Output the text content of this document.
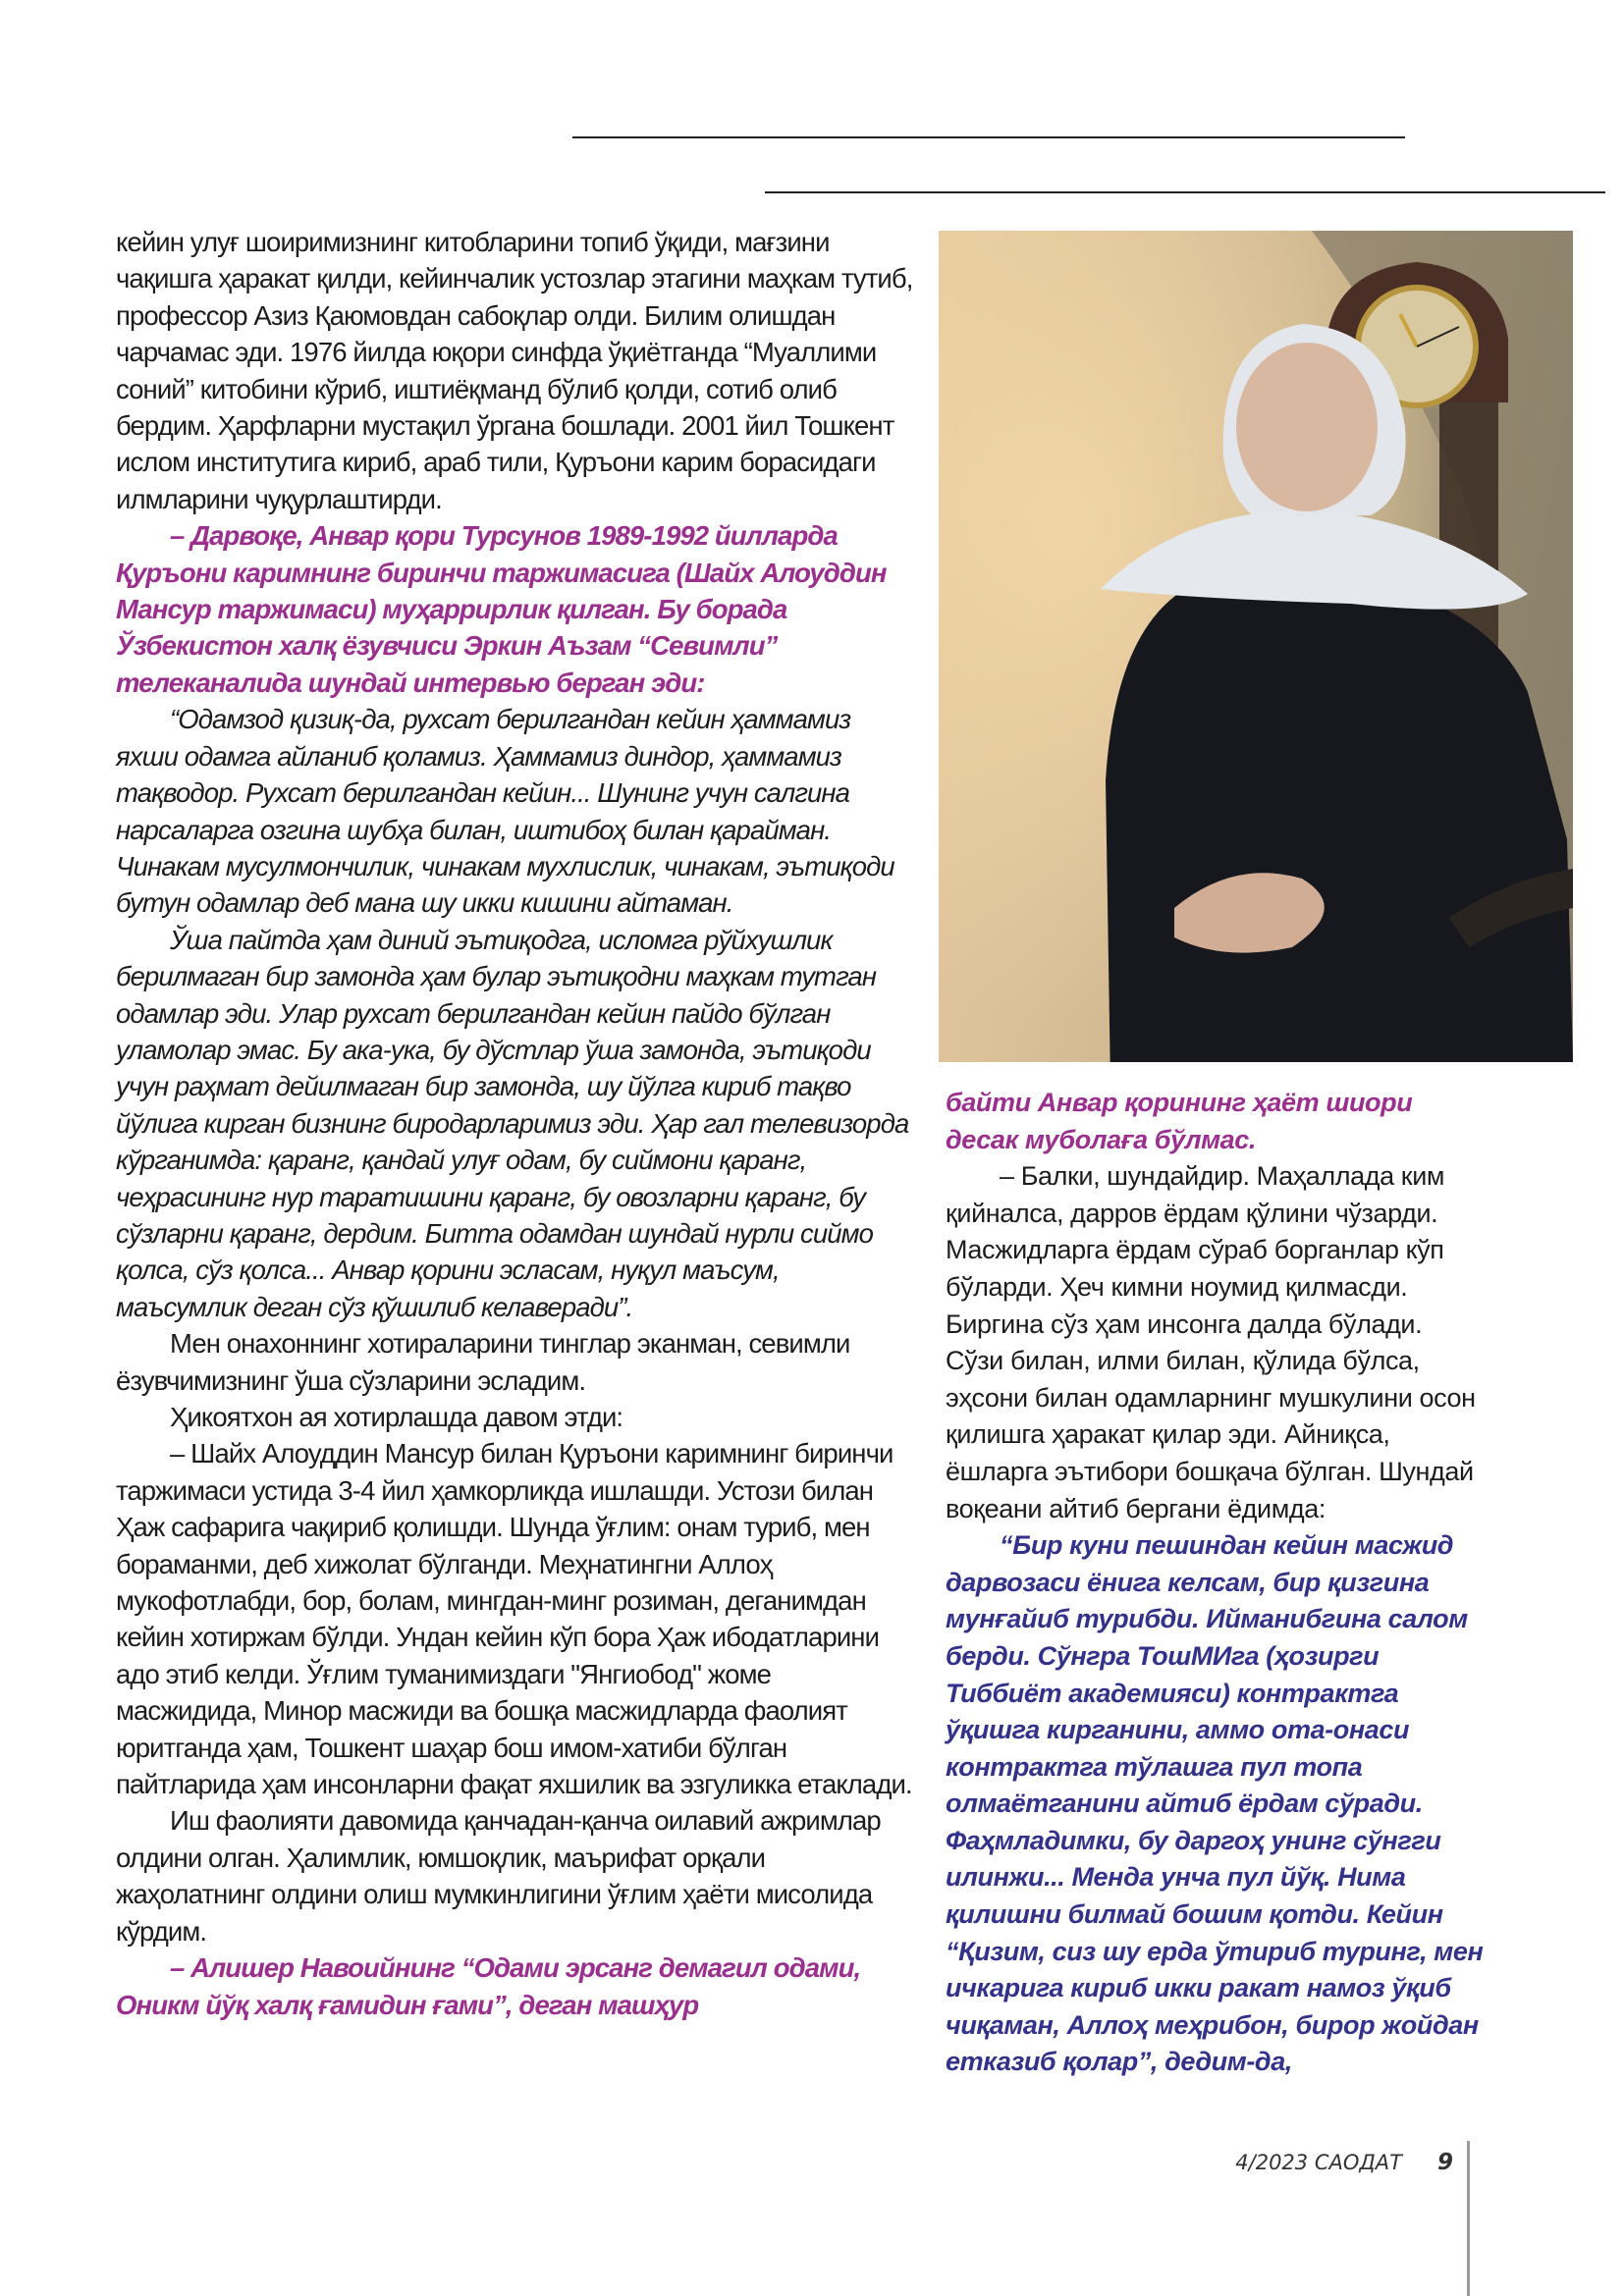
кейин улуғ шоиримизнинг китобларини топиб ўқиди, мағзини чақишга ҳаракат қилди, кейинчалик устозлар этагини маҳкам тутиб, профессор Азиз Қаюмовдан сабоқлар олди. Билим олишдан чарчамас эди. 1976 йилда юқори синфда ўқиётганда “Муаллими соний” китобини кўриб, иштиёқманд бўлиб қолди, сотиб олиб бердим. Ҳарфларни мустақил ўргана бошлади. 2001 йил Тошкент ислом институтига кириб, араб тили, Қуръони карим борасидаги илмларини чуқурлаштирди.

– Дарвоқе, Анвар қори Турсунов 1989-1992 йилларда Қуръони каримнинг биринчи таржимасига (Шайх Алоуддин Мансур таржимаси) муҳаррирлик қилган. Бу борада Ўзбекистон халқ ёзувчиси Эркин Аъзам “Севимли” телеканалида шундай интервью берган эди:

“Одамзод қизиқ-да, рухсат берилгандан кейин ҳаммамиз яхши одамга айланиб қоламиз. Ҳаммамиз диндор, ҳаммамиз тақводор. Рухсат берилгандан кейин... Шунинг учун салгина нарсаларга озгина шубҳа билан, иштибоҳ билан қарайман. Чинакам мусулмончилик, чинакам мухлислик, чинакам, эътиқоди бутун одамлар деб мана шу икки кишини айтаман.

Ўша пайтда ҳам диний эътиқодга, исломга рўйхушлик берилмаган бир замонда ҳам булар эътиқодни маҳкам тутган одамлар эди. Улар рухсат берилгандан кейин пайдо бўлган уламолар эмас. Бу ака-ука, бу дўстлар ўша замонда, эътиқоди учун раҳмат дейилмаган бир замонда, шу йўлга кириб тақво йўлига кирган бизнинг биродарларимиз эди. Ҳар гал телевизорда кўрганимда: қаранг, қандай улуғ одам, бу сиймони қаранг, чеҳрасининг нур таратишини қаранг, бу овозларни қаранг, бу сўзларни қаранг, дердим. Битта одамдан шундай нурли сиймо қолса, сўз қолса... Анвар қорини эсласам, нуқул маъсум, маъсумлик деган сўз қўшилиб келаверади”.

Мен онахоннинг хотираларини тинглар эканман, севимли ёзувчимизнинг ўша сўзларини эсладим.

Ҳикоятхон ая хотирлашда давом этди:

– Шайх Алоуддин Мансур билан Қуръони каримнинг биринчи таржимаси устида 3-4 йил ҳамкорликда ишлашди. Устози билан Ҳаж сафарига чақириб қолишди. Шунда ўғлим: онам туриб, мен бораманми, деб хижолат бўлганди. Меҳнатингни Аллоҳ мукофотлабди, бор, болам, мингдан-минг розиман, деганимдан кейин хотиржам бўлди. Ундан кейин кўп бора Ҳаж ибодатларини адо этиб келди. Ўғлим туманимиздаги "Янгиобод" жоме масжидида, Минор масжиди ва бошқа масжидларда фаолият юритганда ҳам, Тошкент шаҳар бош имом-хатиби бўлган пайтларида ҳам инсонларни фақат яхшилик ва эзгуликка етаклади.

Иш фаолияти давомида қанчадан-қанча оилавий ажримлар олдини олган. Ҳалимлик, юмшоқлик, маърифат орқали жаҳолатнинг олдини олиш мумкинлигини ўғлим ҳаёти мисолида кўрдим.

– Алишер Навоийнинг “Одами эрсанг демагил одами, Оникм йўқ халқ ғамидин ғами”, деган машҳур

байти Анвар қорининг ҳаёт шиори десак муболаға бўлмас.

– Балки, шундайдир. Маҳаллада ким қийналса, дарров ёрдам қўлини чўзарди. Масжидларга ёрдам сўраб борганлар кўп бўларди. Ҳеч кимни ноумид қилмасди. Биргина сўз ҳам инсонга далда бўлади. Сўзи билан, илми билан, қўлида бўлса, эҳсони билан одамларнинг мушкулини осон қилишга ҳаракат қилар эди. Айниқса, ёшларга эътибори бошқача бўлган. Шундай воқеани айтиб бергани ёдимда:

“Бир куни пешиндан кейин масжид дарвозаси ёнига келсам, бир қизгина мунғайиб турибди. Ийманибгина салом берди. Сўнгра ТошМИга (ҳозирги Тиббиёт академияси) контрактга ўқишга кирганини, аммо ота-онаси контрактга тўлашга пул топа олмаётганини айтиб ёрдам сўради. Фаҳмладимки, бу даргоҳ унинг сўнгги илинжи... Менда унча пул йўқ. Нима қилишни билмай бошим қотди. Кейин “Қизим, сиз шу ерда ўтириб туринг, мен ичкарига кириб икки ракат намоз ўқиб чиқаман, Аллоҳ меҳрибон, бирор жойдан етказиб қолар”, дедим-да,

4/2023 САОДАТ 9
